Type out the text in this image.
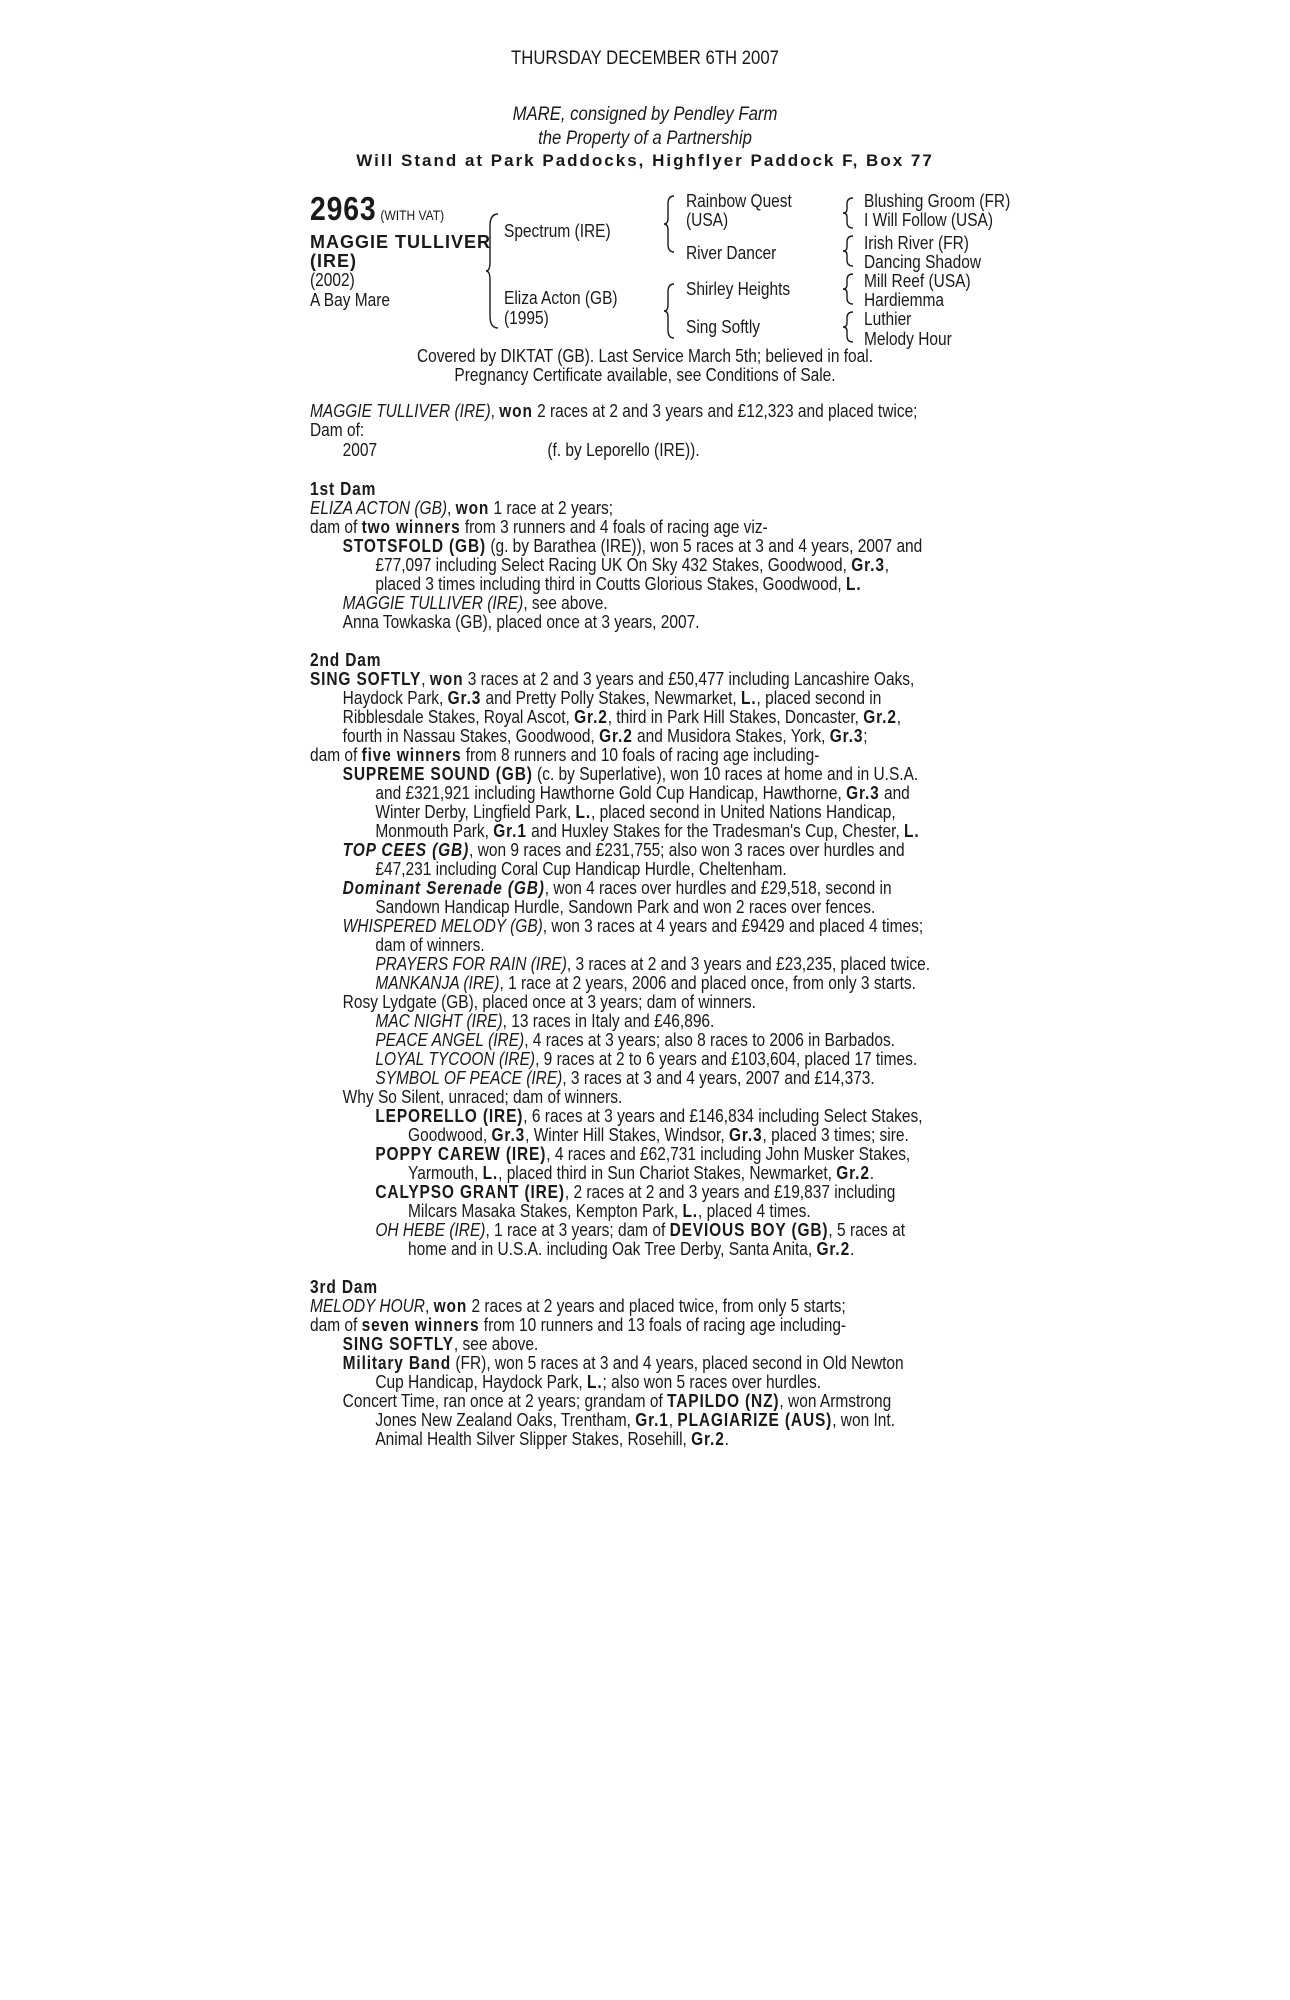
THURSDAY DECEMBER 6TH 2007
MARE, consigned by Pendley Farm
the Property of a Partnership
Will Stand at Park Paddocks, Highflyer Paddock F, Box 77
2963 (WITH VAT)
MAGGIE TULLIVER
(IRE)
(2002)
A Bay Mare
Spectrum (IRE)
Eliza Acton (GB)
(1995)
Rainbow Quest
(USA)
River Dancer
Shirley Heights
Sing Softly
Blushing Groom (FR)
I Will Follow (USA)
Irish River (FR)
Dancing Shadow
Mill Reef (USA)
Hardiemma
Luthier
Melody Hour
Covered by DIKTAT (GB). Last Service March 5th; believed in foal.
Pregnancy Certificate available, see Conditions of Sale.
MAGGIE TULLIVER (IRE), won 2 races at 2 and 3 years and £12,323 and placed twice;
Dam of:
2007	(f. by Leporello (IRE)).
1st Dam
ELIZA ACTON (GB), won 1 race at 2 years;
dam of two winners from 3 runners and 4 foals of racing age viz-
STOTSFOLD (GB) (g. by Barathea (IRE)), won 5 races at 3 and 4 years, 2007 and
£77,097 including Select Racing UK On Sky 432 Stakes, Goodwood, Gr.3,
placed 3 times including third in Coutts Glorious Stakes, Goodwood, L.
MAGGIE TULLIVER (IRE), see above.
Anna Towkaska (GB), placed once at 3 years, 2007.
2nd Dam
SING SOFTLY, won 3 races at 2 and 3 years and £50,477 including Lancashire Oaks,
Haydock Park, Gr.3 and Pretty Polly Stakes, Newmarket, L., placed second in
Ribblesdale Stakes, Royal Ascot, Gr.2, third in Park Hill Stakes, Doncaster, Gr.2,
fourth in Nassau Stakes, Goodwood, Gr.2 and Musidora Stakes, York, Gr.3;
dam of five winners from 8 runners and 10 foals of racing age including-
SUPREME SOUND (GB) (c. by Superlative), won 10 races at home and in U.S.A.
and £321,921 including Hawthorne Gold Cup Handicap, Hawthorne, Gr.3 and
Winter Derby, Lingfield Park, L., placed second in United Nations Handicap,
Monmouth Park, Gr.1 and Huxley Stakes for the Tradesman's Cup, Chester, L.
TOP CEES (GB), won 9 races and £231,755; also won 3 races over hurdles and
£47,231 including Coral Cup Handicap Hurdle, Cheltenham.
Dominant Serenade (GB), won 4 races over hurdles and £29,518, second in
Sandown Handicap Hurdle, Sandown Park and won 2 races over fences.
WHISPERED MELODY (GB), won 3 races at 4 years and £9429 and placed 4 times;
dam of winners.
PRAYERS FOR RAIN (IRE), 3 races at 2 and 3 years and £23,235, placed twice.
MANKANJA (IRE), 1 race at 2 years, 2006 and placed once, from only 3 starts.
Rosy Lydgate (GB), placed once at 3 years; dam of winners.
MAC NIGHT (IRE), 13 races in Italy and £46,896.
PEACE ANGEL (IRE), 4 races at 3 years; also 8 races to 2006 in Barbados.
LOYAL TYCOON (IRE), 9 races at 2 to 6 years and £103,604, placed 17 times.
SYMBOL OF PEACE (IRE), 3 races at 3 and 4 years, 2007 and £14,373.
Why So Silent, unraced; dam of winners.
LEPORELLO (IRE), 6 races at 3 years and £146,834 including Select Stakes,
Goodwood, Gr.3, Winter Hill Stakes, Windsor, Gr.3, placed 3 times; sire.
POPPY CAREW (IRE), 4 races and £62,731 including John Musker Stakes,
Yarmouth, L., placed third in Sun Chariot Stakes, Newmarket, Gr.2.
CALYPSO GRANT (IRE), 2 races at 2 and 3 years and £19,837 including
Milcars Masaka Stakes, Kempton Park, L., placed 4 times.
OH HEBE (IRE), 1 race at 3 years; dam of DEVIOUS BOY (GB), 5 races at
home and in U.S.A. including Oak Tree Derby, Santa Anita, Gr.2.
3rd Dam
MELODY HOUR, won 2 races at 2 years and placed twice, from only 5 starts;
dam of seven winners from 10 runners and 13 foals of racing age including-
SING SOFTLY, see above.
Military Band (FR), won 5 races at 3 and 4 years, placed second in Old Newton
Cup Handicap, Haydock Park, L.; also won 5 races over hurdles.
Concert Time, ran once at 2 years; grandam of TAPILDO (NZ), won Armstrong
Jones New Zealand Oaks, Trentham, Gr.1, PLAGIARIZE (AUS), won Int.
Animal Health Silver Slipper Stakes, Rosehill, Gr.2.
